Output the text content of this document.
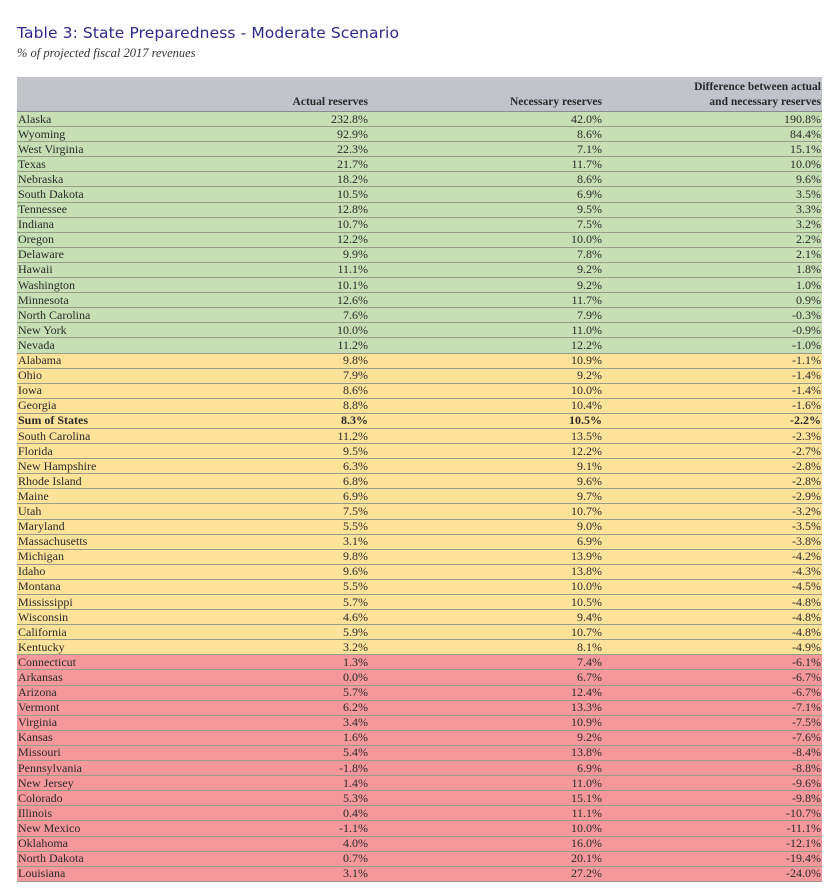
Table 3: State Preparedness - Moderate Scenario
% of projected fiscal 2017 revenues
	Actual reserves	Necessary reserves	Difference between actual
and necessary reserves
Alaska	232.8%	42.0%	190.8%
Wyoming	92.9%	8.6%	84.4%
West Virginia	22.3%	7.1%	15.1%
Texas	21.7%	11.7%	10.0%
Nebraska	18.2%	8.6%	9.6%
South Dakota	10.5%	6.9%	3.5%
Tennessee	12.8%	9.5%	3.3%
Indiana	10.7%	7.5%	3.2%
Oregon	12.2%	10.0%	2.2%
Delaware	9.9%	7.8%	2.1%
Hawaii	11.1%	9.2%	1.8%
Washington	10.1%	9.2%	1.0%
Minnesota	12.6%	11.7%	0.9%
North Carolina	7.6%	7.9%	-0.3%
New York	10.0%	11.0%	-0.9%
Nevada	11.2%	12.2%	-1.0%
Alabama	9.8%	10.9%	-1.1%
Ohio	7.9%	9.2%	-1.4%
Iowa	8.6%	10.0%	-1.4%
Georgia	8.8%	10.4%	-1.6%
Sum of States	8.3%	10.5%	-2.2%
South Carolina	11.2%	13.5%	-2.3%
Florida	9.5%	12.2%	-2.7%
New Hampshire	6.3%	9.1%	-2.8%
Rhode Island	6.8%	9.6%	-2.8%
Maine	6.9%	9.7%	-2.9%
Utah	7.5%	10.7%	-3.2%
Maryland	5.5%	9.0%	-3.5%
Massachusetts	3.1%	6.9%	-3.8%
Michigan	9.8%	13.9%	-4.2%
Idaho	9.6%	13.8%	-4.3%
Montana	5.5%	10.0%	-4.5%
Mississippi	5.7%	10.5%	-4.8%
Wisconsin	4.6%	9.4%	-4.8%
California	5.9%	10.7%	-4.8%
Kentucky	3.2%	8.1%	-4.9%
Connecticut	1.3%	7.4%	-6.1%
Arkansas	0.0%	6.7%	-6.7%
Arizona	5.7%	12.4%	-6.7%
Vermont	6.2%	13.3%	-7.1%
Virginia	3.4%	10.9%	-7.5%
Kansas	1.6%	9.2%	-7.6%
Missouri	5.4%	13.8%	-8.4%
Pennsylvania	-1.8%	6.9%	-8.8%
New Jersey	1.4%	11.0%	-9.6%
Colorado	5.3%	15.1%	-9.8%
Illinois	0.4%	11.1%	-10.7%
New Mexico	-1.1%	10.0%	-11.1%
Oklahoma	4.0%	16.0%	-12.1%
North Dakota	0.7%	20.1%	-19.4%
Louisiana	3.1%	27.2%	-24.0%
